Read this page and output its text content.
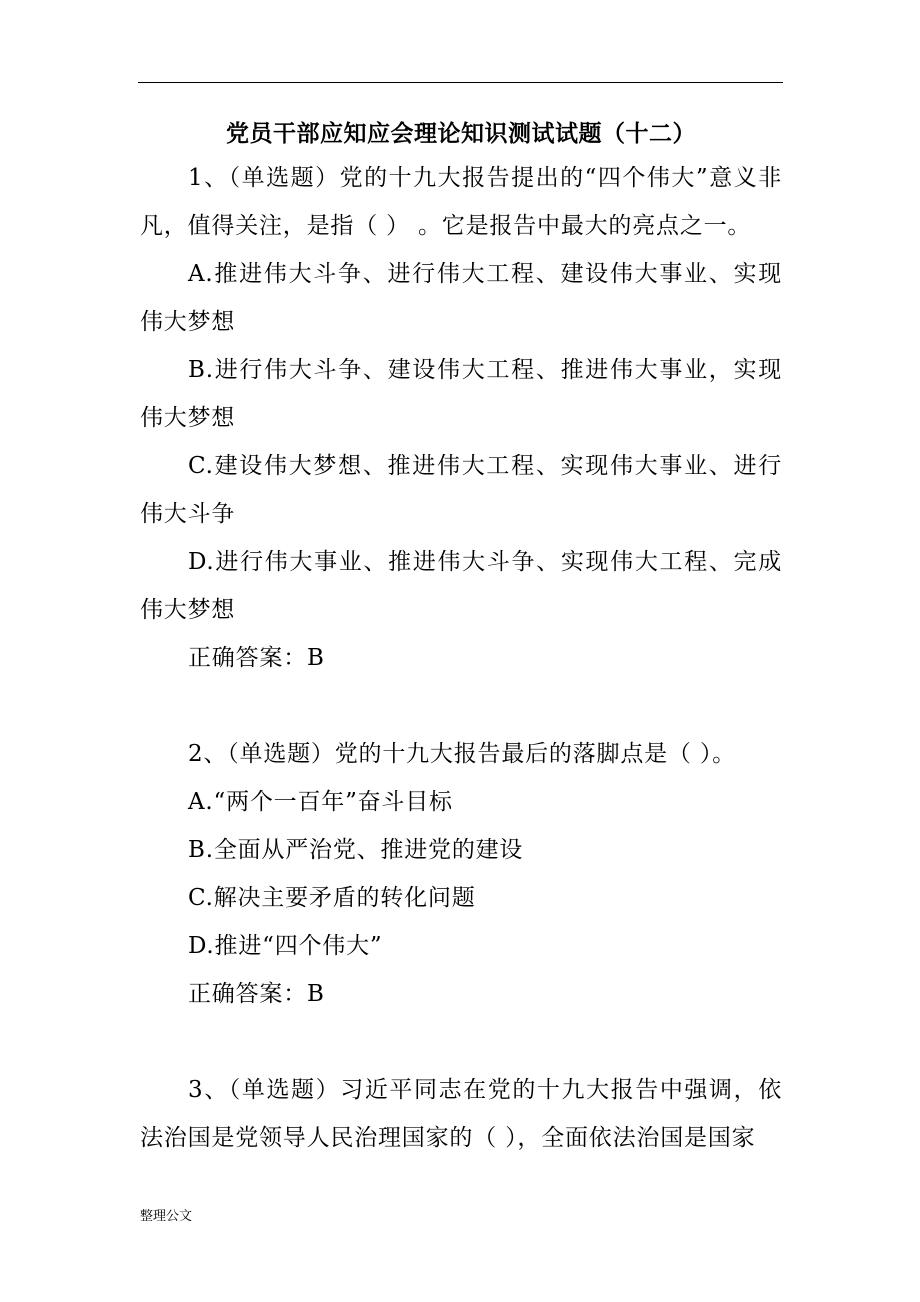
党员干部应知应会理论知识测试试题（十二）

1、（单选题）党的十九大报告提出的“四个伟大”意义非凡，值得关注，是指（ ） 。它是报告中最大的亮点之一。

A.推进伟大斗争、进行伟大工程、建设伟大事业、实现伟大梦想

B.进行伟大斗争、建设伟大工程、推进伟大事业，实现伟大梦想

C.建设伟大梦想、推进伟大工程、实现伟大事业、进行伟大斗争

D.进行伟大事业、推进伟大斗争、实现伟大工程、完成伟大梦想

正确答案：B

2、（单选题）党的十九大报告最后的落脚点是（ ）。

A.“两个一百年”奋斗目标

B.全面从严治党、推进党的建设

C.解决主要矛盾的转化问题

D.推进“四个伟大”

正确答案：B

3、（单选题）习近平同志在党的十九大报告中强调，依法治国是党领导人民治理国家的（ ），全面依法治国是国家

整理公文
